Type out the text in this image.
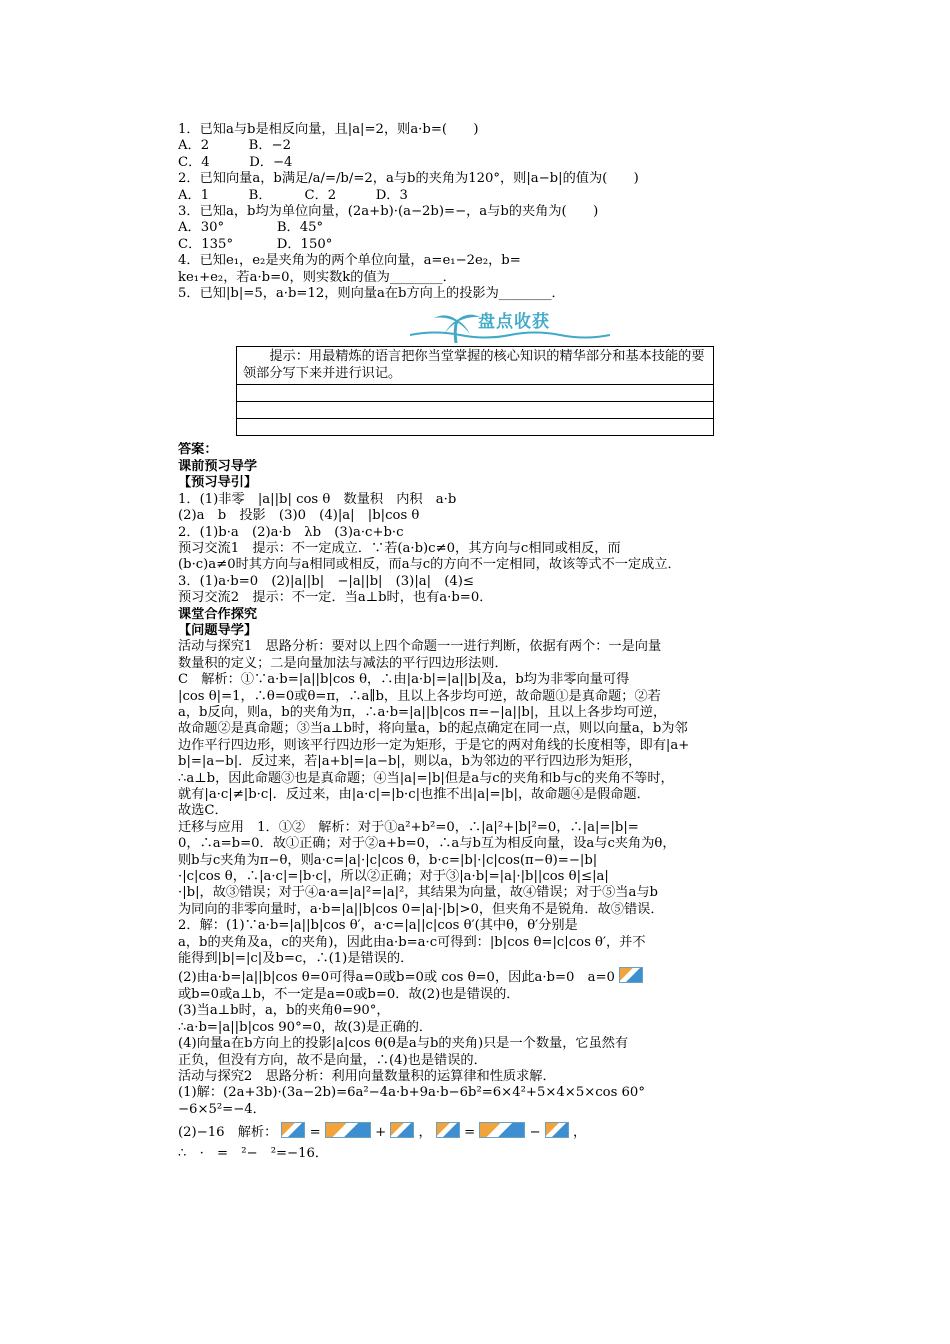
1．已知a与b是相反向量，且|a|=2，则a·b=(　　)
A．2　　　B．−2
C．4　　　D．−4
2．已知向量a，b满足/a/=/b/=2，a与b的夹角为120°，则|a−b|的值为(　　)
A．1　　　B．　　　C．2　　　D．3
3．已知a，b均为单位向量，(2a+b)·(a−2b)=−，a与b的夹角为(　　)
A．30°　　　　B．45°
C．135°　　　 D．150°
4．已知e₁，e₂是夹角为的两个单位向量，a=e₁−2e₂，b=
ke₁+e₂，若a·b=0，则实数k的值为________．
5．已知|b|=5，a·b=12，则向量a在b方向上的投影为________．
盘点收获
　　提示：用最精炼的语言把你当堂掌握的核心知识的精华部分和基本技能的要领部分写下来并进行识记。
答案：
课前预习导学
【预习导引】
1．(1)非零　|a||b| cos θ　数量积　内积　a·b
(2)a　b　投影　(3)0　(4)|a|　|b|cos θ
2．(1)b·a　(2)a·b　λb　(3)a·c+b·c
预习交流1　提示：不一定成立．∵若(a·b)c≠0，其方向与c相同或相反，而
(b·c)a≠0时其方向与a相同或相反，而a与c的方向不一定相同，故该等式不一定成立．
3．(1)a·b=0　(2)|a||b|　−|a||b|　(3)|a|　(4)≤
预习交流2　提示：不一定．当a⊥b时，也有a·b=0．
课堂合作探究
【问题导学】
活动与探究1　思路分析：要对以上四个命题一一进行判断，依据有两个：一是向量
数量积的定义；二是向量加法与减法的平行四边形法则．
C　解析：①∵a·b=|a||b|cos θ，∴由|a·b|=|a||b|及a，b均为非零向量可得
|cos θ|=1，∴θ=0或θ=π，∴a∥b，且以上各步均可逆，故命题①是真命题；②若
a，b反向，则a，b的夹角为π，∴a·b=|a||b|cos π=−|a||b|，且以上各步均可逆，
故命题②是真命题；③当a⊥b时，将向量a，b的起点确定在同一点，则以向量a，b为邻
边作平行四边形，则该平行四边形一定为矩形，于是它的两对角线的长度相等，即有|a+
b|=|a−b|．反过来，若|a+b|=|a−b|，则以a，b为邻边的平行四边形为矩形，
∴a⊥b，因此命题③也是真命题；④当|a|=|b|但是a与c的夹角和b与c的夹角不等时，
就有|a·c|≠|b·c|．反过来，由|a·c|=|b·c|也推不出|a|=|b|，故命题④是假命题．
故选C．
迁移与应用　1．①②　解析：对于①a²+b²=0，∴|a|²+|b|²=0，∴|a|=|b|=
0，∴a=b=0．故①正确；对于②a+b=0，∴a与b互为相反向量，设a与c夹角为θ，
则b与c夹角为π−θ，则a·c=|a|·|c|cos θ，b·c=|b|·|c|cos(π−θ)=−|b|
·|c|cos θ，∴|a·c|=|b·c|，所以②正确；对于③|a·b|=|a|·|b||cos θ|≤|a|
·|b|，故③错误；对于④a·a=|a|²=|a|²，其结果为向量，故④错误；对于⑤当a与b
为同向的非零向量时，a·b=|a||b|cos 0=|a|·|b|>0，但夹角不是锐角．故⑤错误．
2．解：(1)∵a·b=|a||b|cos θ′，a·c=|a||c|cos θ′(其中θ，θ′分别是
a，b的夹角及a，c的夹角)，因此由a·b=a·c可得到：|b|cos θ=|c|cos θ′，并不
能得到|b|=|c|及b=c，∴(1)是错误的．
(2)由a·b=|a||b|cos θ=0可得a=0或b=0或 cos θ=0，因此a·b=0　a=0
或b=0或a⊥b，不一定是a=0或b=0．故(2)也是错误的．
(3)当a⊥b时，a，b的夹角θ=90°，
∴a·b=|a||b|cos 90°=0，故(3)是正确的．
(4)向量a在b方向上的投影|a|cos θ(θ是a与b的夹角)只是一个数量，它虽然有
正负，但没有方向，故不是向量，∴(4)也是错误的．
活动与探究2　思路分析：利用向量数量积的运算律和性质求解．
(1)解：(2a+3b)·(3a−2b)=6a²−4a·b+9a·b−6b²=6×4²+5×4×5×cos 60°
−6×5²=−4．
(2)−16　解析：  =	+  ，  =	−  ，
∴　·　=　²−　²=−16．
